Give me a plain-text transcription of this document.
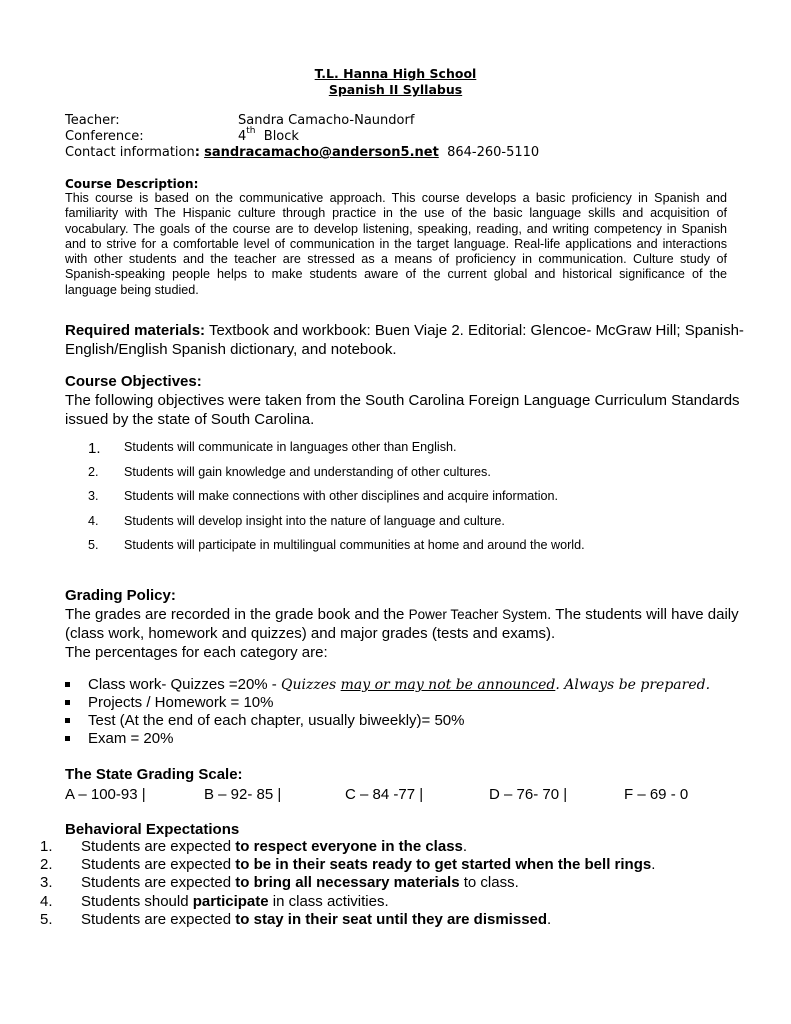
T.L. Hanna High School
Spanish II Syllabus
Teacher:	Sandra Camacho-Naundorf
Conference:	4th Block
Contact information: sandracamacho@anderson5.net 864-260-5110
Course Description:
This course is based on the communicative approach. This course develops a basic proficiency in Spanish and familiarity with The Hispanic culture through practice in the use of the basic language skills and acquisition of vocabulary. The goals of the course are to develop listening, speaking, reading, and writing competency in Spanish and to strive for a comfortable level of communication in the target language. Real-life applications and interactions with other students and the teacher are stressed as a means of proficiency in communication. Culture study of Spanish-speaking people helps to make students aware of the current global and historical significance of the language being studied.
Required materials: Textbook and workbook: Buen Viaje 2. Editorial: Glencoe- McGraw Hill; Spanish-English/English Spanish dictionary, and notebook.
Course Objectives:
The following objectives were taken from the South Carolina Foreign Language Curriculum Standards issued by the state of South Carolina.
1.	Students will communicate in languages other than English.
2.	Students will gain knowledge and understanding of other cultures.
3.	Students will make connections with other disciplines and acquire information.
4.	Students will develop insight into the nature of language and culture.
5.	Students will participate in multilingual communities at home and around the world.
Grading Policy:
The grades are recorded in the grade book and the Power Teacher System. The students will have daily (class work, homework and quizzes) and major grades (tests and exams).
The percentages for each category are:
Class work- Quizzes =20% - Quizzes may or may not be announced. Always be prepared.
Projects / Homework = 10%
Test (At the end of each chapter, usually biweekly)= 50%
Exam = 20%
The State Grading Scale:
A – 100-93 |	B – 92- 85 |	C – 84 -77 |	D – 76- 70 |	F – 69 - 0
Behavioral Expectations
1. Students are expected to respect everyone in the class.
2. Students are expected to be in their seats ready to get started when the bell rings.
3. Students are expected to bring all necessary materials to class.
4. Students should participate in class activities.
5. Students are expected to stay in their seat until they are dismissed.
